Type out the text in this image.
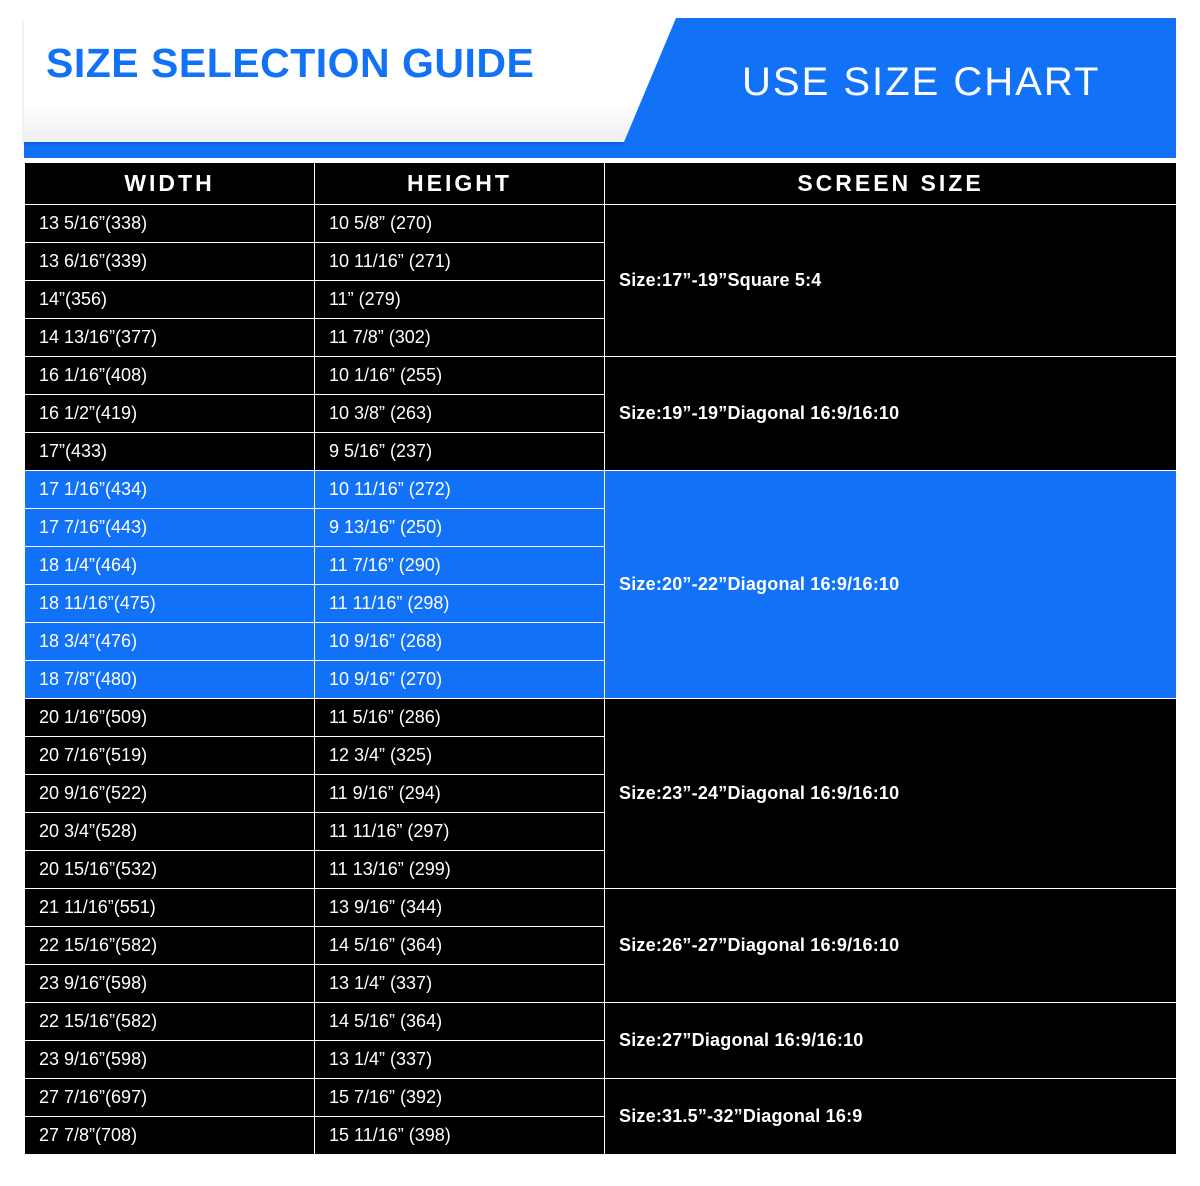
SIZE SELECTION GUIDE	USE SIZE CHART
WIDTH	HEIGHT	SCREEN SIZE
13 5/16”(338)	10 5/8” (270)	Size:17”-19”Square 5:4
13 6/16”(339)	10 11/16” (271)	
14”(356)	11” (279)	
14 13/16”(377)	11 7/8” (302)	
16 1/16”(408)	10 1/16” (255)	Size:19”-19”Diagonal 16:9/16:10
16 1/2”(419)	10 3/8” (263)	
17”(433)	9 5/16” (237)	
17 1/16”(434)	10 11/16” (272)	Size:20”-22”Diagonal 16:9/16:10
17 7/16”(443)	9 13/16” (250)	
18 1/4”(464)	11 7/16” (290)	
18 11/16”(475)	11 11/16” (298)	
18 3/4”(476)	10 9/16” (268)	
18 7/8”(480)	10 9/16” (270)	
20 1/16”(509)	11 5/16” (286)	Size:23”-24”Diagonal 16:9/16:10
20 7/16”(519)	12 3/4” (325)	
20 9/16”(522)	11 9/16” (294)	
20 3/4”(528)	11 11/16” (297)	
20 15/16”(532)	11 13/16” (299)	
21 11/16”(551)	13 9/16” (344)	Size:26”-27”Diagonal 16:9/16:10
22 15/16”(582)	14 5/16” (364)	
23 9/16”(598)	13 1/4” (337)	
22 15/16”(582)	14 5/16” (364)	Size:27”Diagonal 16:9/16:10
23 9/16”(598)	13 1/4” (337)	
27 7/16”(697)	15 7/16” (392)	Size:31.5”-32”Diagonal 16:9
27 7/8”(708)	15 11/16” (398)	
